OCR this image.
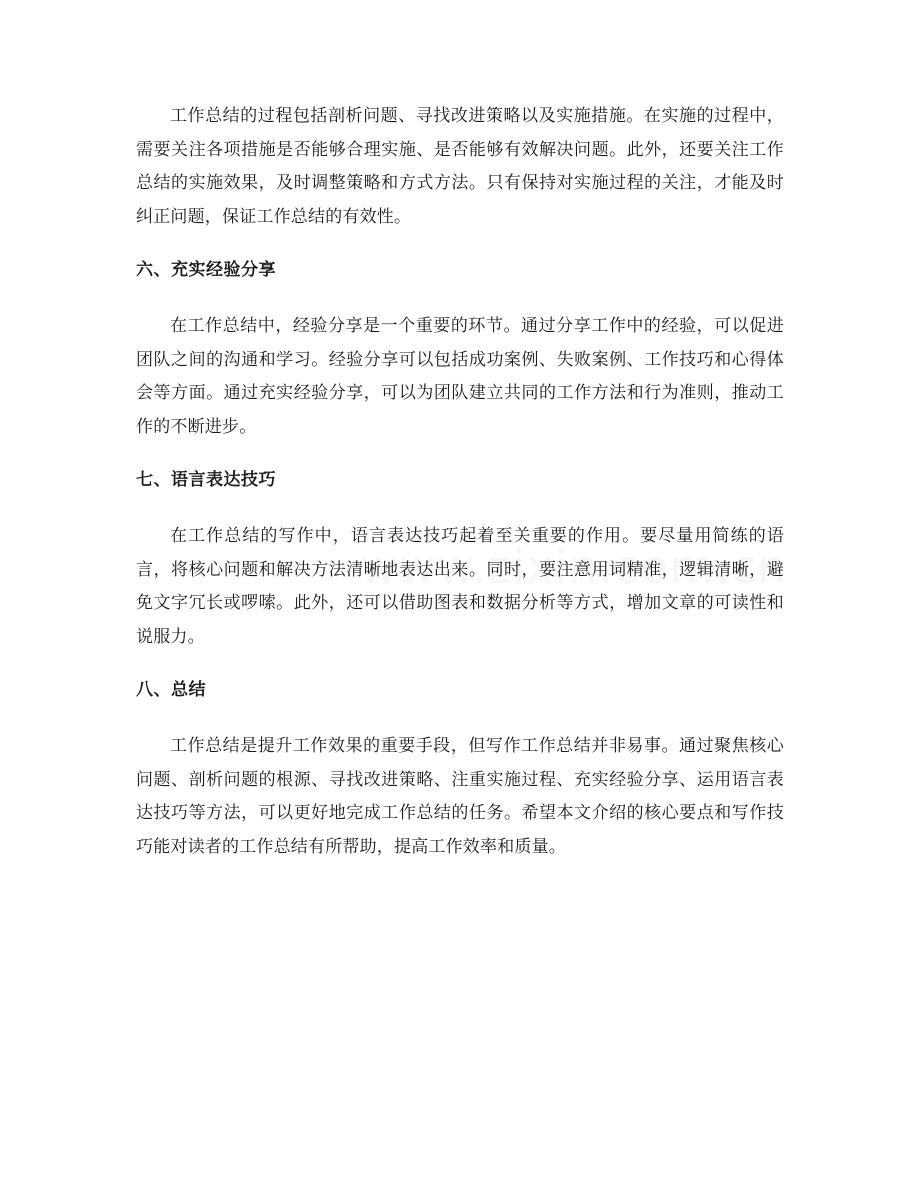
工作总结的过程包括剖析问题、寻找改进策略以及实施措施。在实施的过程中，需要关注各项措施是否能够合理实施、是否能够有效解决问题。此外，还要关注工作总结的实施效果，及时调整策略和方式方法。只有保持对实施过程的关注，才能及时纠正问题，保证工作总结的有效性。

六、充实经验分享

在工作总结中，经验分享是一个重要的环节。通过分享工作中的经验，可以促进团队之间的沟通和学习。经验分享可以包括成功案例、失败案例、工作技巧和心得体会等方面。通过充实经验分享，可以为团队建立共同的工作方法和行为准则，推动工作的不断进步。

七、语言表达技巧

在工作总结的写作中，语言表达技巧起着至关重要的作用。要尽量用简练的语言，将核心问题和解决方法清晰地表达出来。同时，要注意用词精准，逻辑清晰，避免文字冗长或啰嗦。此外，还可以借助图表和数据分析等方式，增加文章的可读性和说服力。

八、总结

工作总结是提升工作效果的重要手段，但写作工作总结并非易事。通过聚焦核心问题、剖析问题的根源、寻找改进策略、注重实施过程、充实经验分享、运用语言表达技巧等方法，可以更好地完成工作总结的任务。希望本文介绍的核心要点和写作技巧能对读者的工作总结有所帮助，提高工作效率和质量。
